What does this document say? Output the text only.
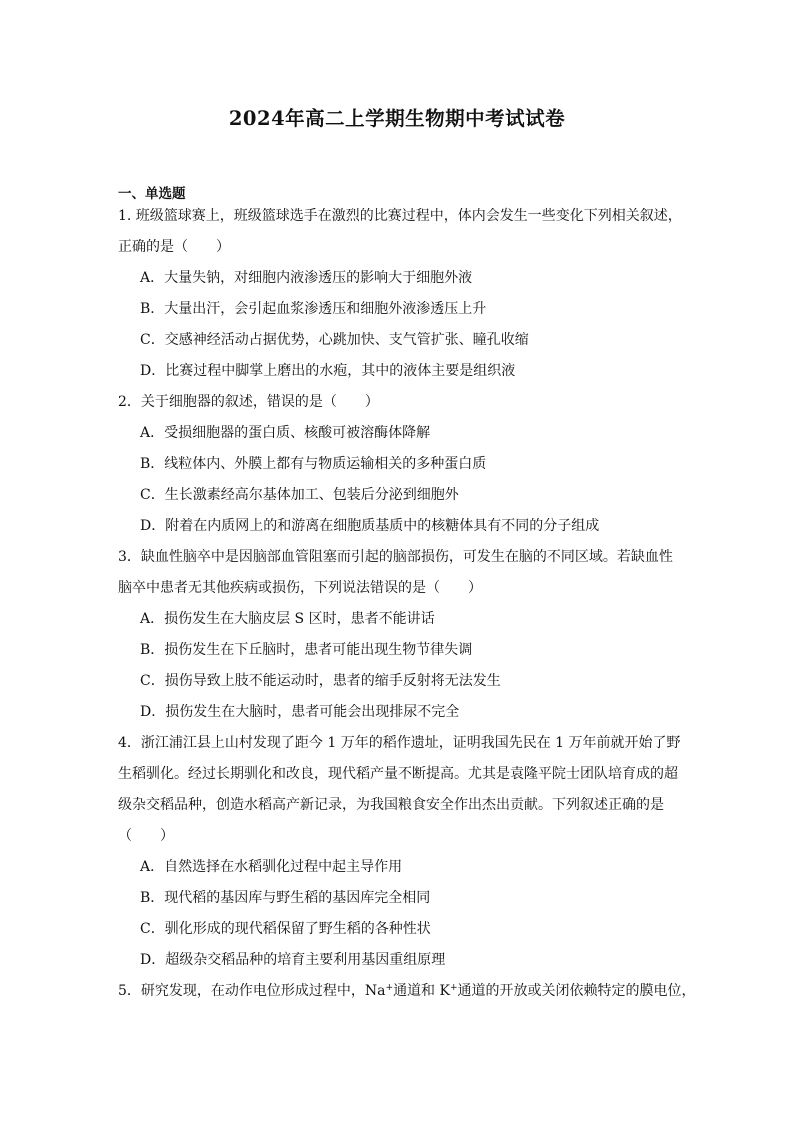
2024年高二上学期生物期中考试试卷
一、单选题
1. 班级篮球赛上，班级篮球选手在激烈的比赛过程中，体内会发生一些变化下列相关叙述，
正确的是（　　）
A．大量失钠，对细胞内液渗透压的影响大于细胞外液
B．大量出汗，会引起血浆渗透压和细胞外液渗透压上升
C．交感神经活动占据优势，心跳加快、支气管扩张、瞳孔收缩
D．比赛过程中脚掌上磨出的水疱，其中的液体主要是组织液
2．关于细胞器的叙述，错误的是（　　）
A．受损细胞器的蛋白质、核酸可被溶酶体降解
B．线粒体内、外膜上都有与物质运输相关的多种蛋白质
C．生长激素经高尔基体加工、包装后分泌到细胞外
D．附着在内质网上的和游离在细胞质基质中的核糖体具有不同的分子组成
3．缺血性脑卒中是因脑部血管阻塞而引起的脑部损伤，可发生在脑的不同区域。若缺血性
脑卒中患者无其他疾病或损伤，下列说法错误的是（　　）
A．损伤发生在大脑皮层 S 区时，患者不能讲话
B．损伤发生在下丘脑时，患者可能出现生物节律失调
C．损伤导致上肢不能运动时，患者的缩手反射将无法发生
D．损伤发生在大脑时，患者可能会出现排尿不完全
4．浙江浦江县上山村发现了距今 1 万年的稻作遗址，证明我国先民在 1 万年前就开始了野
生稻驯化。经过长期驯化和改良，现代稻产量不断提高。尤其是袁隆平院士团队培育成的超
级杂交稻品种，创造水稻高产新记录，为我国粮食安全作出杰出贡献。下列叙述正确的是
（　　）
A．自然选择在水稻驯化过程中起主导作用
B．现代稻的基因库与野生稻的基因库完全相同
C．驯化形成的现代稻保留了野生稻的各种性状
D．超级杂交稻品种的培育主要利用基因重组原理
5．研究发现，在动作电位形成过程中，Na+通道和 K+通道的开放或关闭依赖特定的膜电位，
